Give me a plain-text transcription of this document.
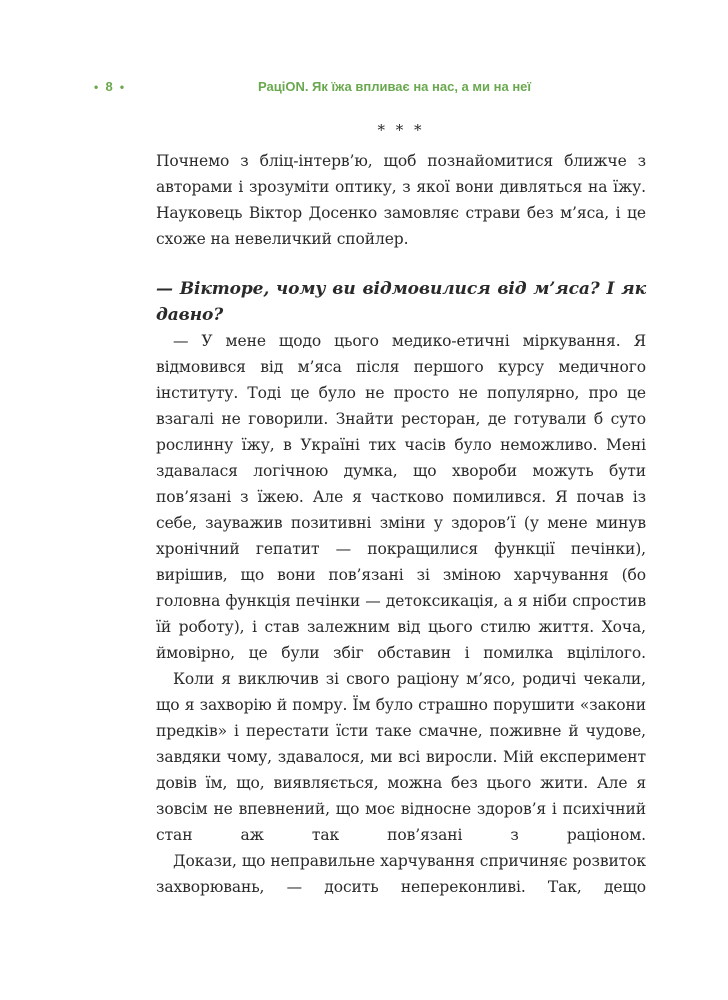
• 8 •	РаціON. Як їжа впливає на нас, а ми на неї
* * *

Почнемо з бліц-інтерв’ю, щоб познайомитися ближче з авторами і зрозуміти оптику, з якої вони дивляться на їжу. Науковець Віктор Досенко замовляє страви без м’яса, і це схоже на невеличкий спойлер.

— Вікторе, чому ви відмовилися від м’яса? І як давно?

— У мене щодо цього медико-етичні міркування. Я відмовився від м’яса після першого курсу медичного інституту. Тоді це було не просто не популярно, про це взагалі не говорили. Знайти ресторан, де готували б суто рослинну їжу, в Україні тих часів було неможливо. Мені здавалася логічною думка, що хвороби можуть бути пов’язані з їжею. Але я частково помилився. Я почав із себе, зауважив позитивні зміни у здоров’ї (у мене минув хронічний гепатит — покращилися функції печінки), вирішив, що вони пов’язані зі зміною харчування (бо головна функція печінки — детоксикація, а я ніби спростив їй роботу), і став залежним від цього стилю життя. Хоча, ймовірно, це були збіг обставин і помилка вцілілого.

Коли я виключив зі свого раціону м’ясо, родичі чекали, що я захворію й помру. Їм було страшно порушити «закони предків» і перестати їсти таке смачне, поживне й чудове, завдяки чому, здавалося, ми всі виросли. Мій експеримент довів їм, що, виявляється, можна без цього жити. Але я зовсім не впевнений, що моє відносне здоров’я і психічний стан аж так пов’язані з раціоном.

Докази, що неправильне харчування спричиняє розвиток захворювань, — досить непереконливі. Так, дещо
